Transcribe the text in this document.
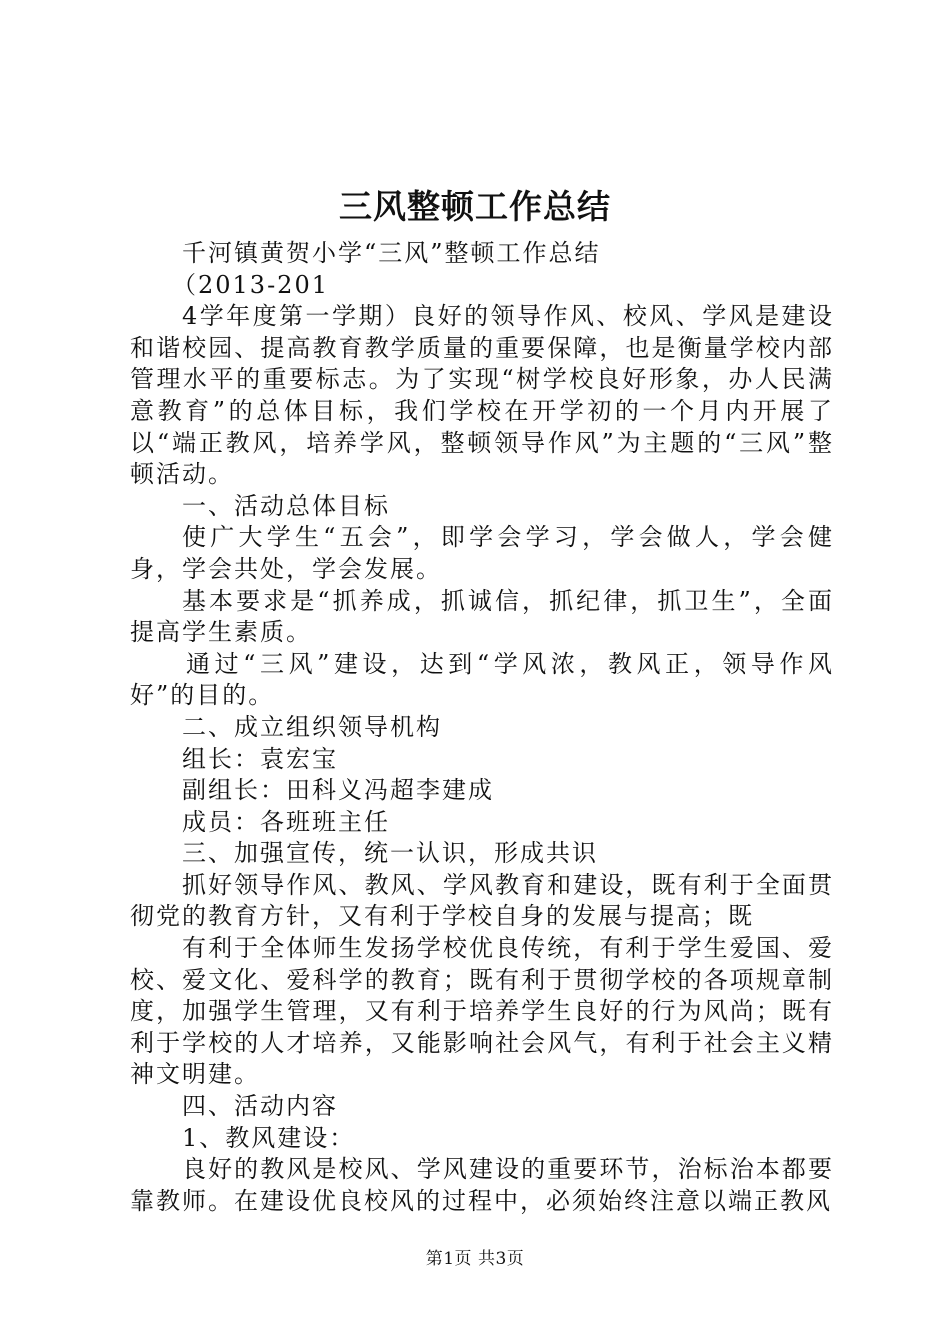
三风整顿工作总结

千河镇黄贺小学“三风”整顿工作总结

（2013-201

4学年度第一学期）良好的领导作风、校风、学风是建设和谐校园、提高教育教学质量的重要保障，也是衡量学校内部管理水平的重要标志。为了实现“树学校良好形象，办人民满意教育”的总体目标，我们学校在开学初的一个月内开展了以“端正教风，培养学风，整顿领导作风”为主题的“三风”整顿活动。

一、活动总体目标

使广大学生“五会”，即学会学习，学会做人，学会健身，学会共处，学会发展。

基本要求是“抓养成，抓诚信，抓纪律，抓卫生”，全面提高学生素质。

通过“三风”建设，达到“学风浓，教风正，领导作风好”的目的。

二、成立组织领导机构

组长：袁宏宝

副组长：田科义冯超李建成

成员：各班班主任

三、加强宣传，统一认识，形成共识

抓好领导作风、教风、学风教育和建设，既有利于全面贯彻党的教育方针，又有利于学校自身的发展与提高；既

有利于全体师生发扬学校优良传统，有利于学生爱国、爱校、爱文化、爱科学的教育；既有利于贯彻学校的各项规章制度，加强学生管理，又有利于培养学生良好的行为风尚；既有利于学校的人才培养，又能影响社会风气，有利于社会主义精神文明建。

四、活动内容

1、教风建设：

良好的教风是校风、学风建设的重要环节，治标治本都要靠教师。在建设优良校风的过程中，必须始终注意以端正教风

第1页 共3页
